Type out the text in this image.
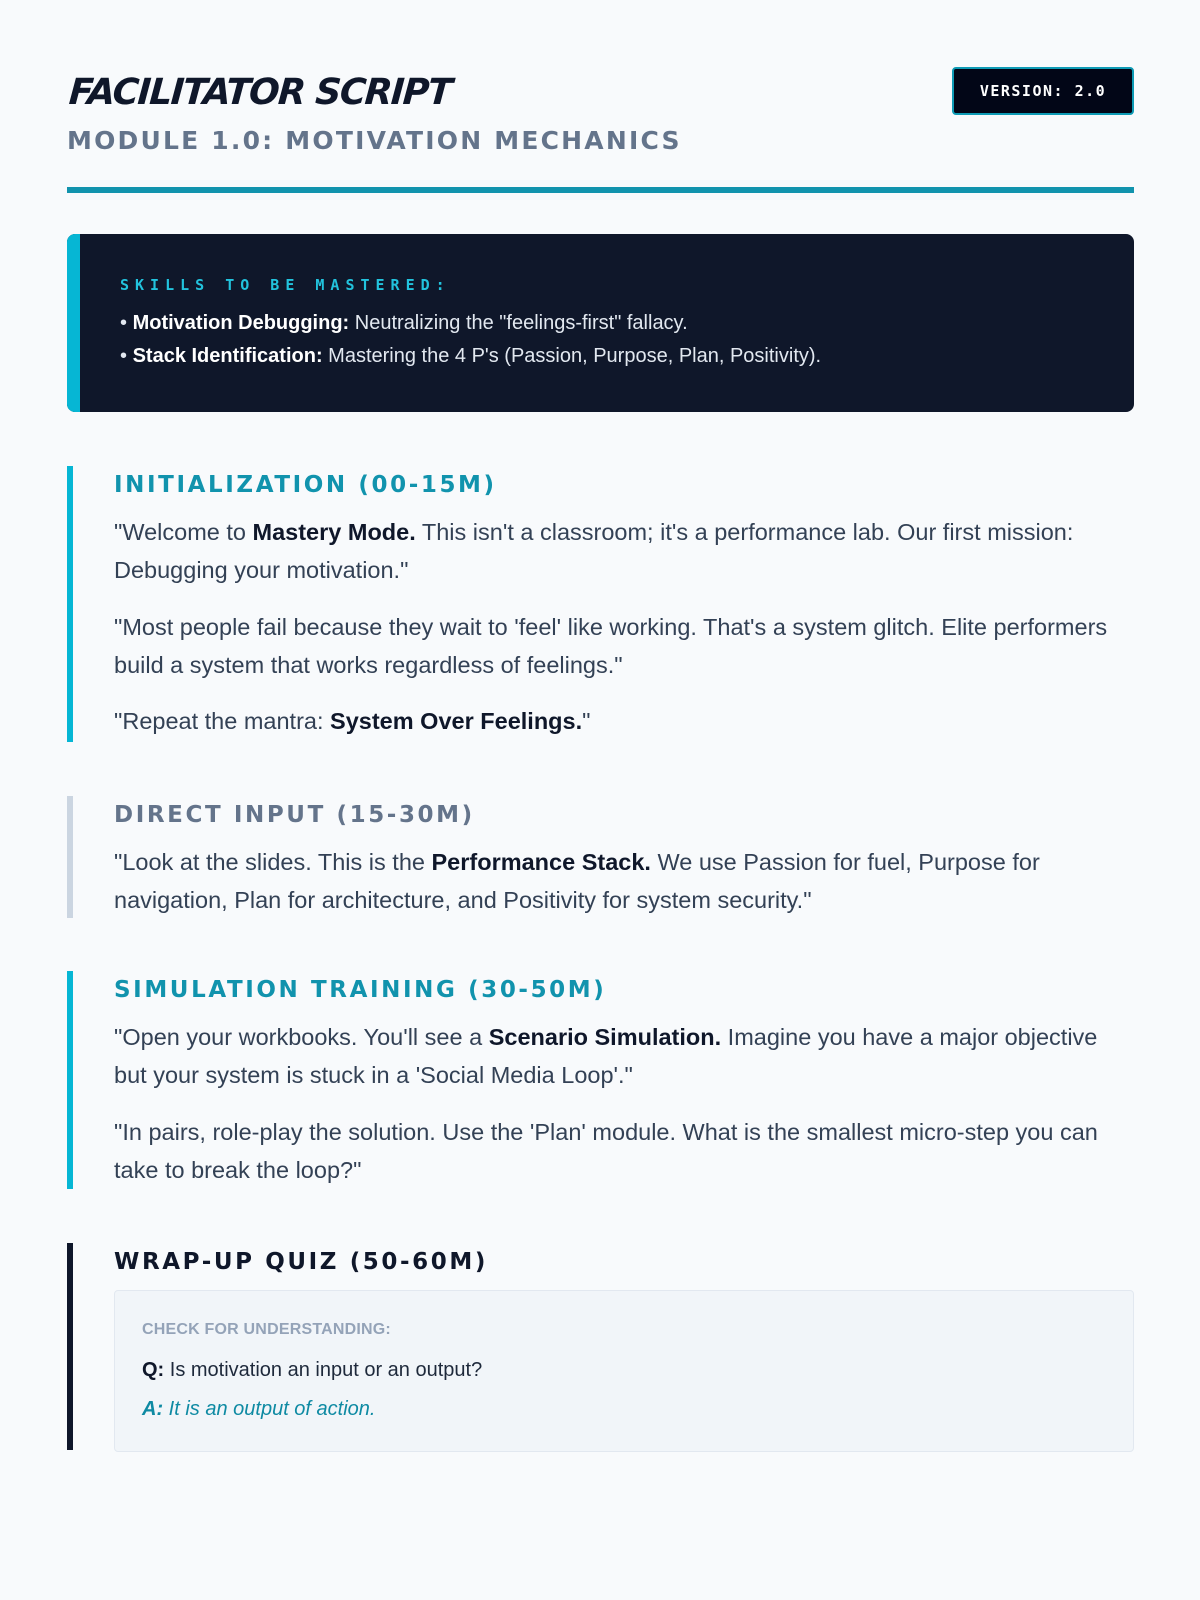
FACILITATOR SCRIPT
MODULE 1.0: MOTIVATION MECHANICS
VERSION: 2.0
SKILLS TO BE MASTERED:
• Motivation Debugging: Neutralizing the "feelings-first" fallacy.
• Stack Identification: Mastering the 4 P's (Passion, Purpose, Plan, Positivity).
INITIALIZATION (00-15M)

"Welcome to Mastery Mode. This isn't a classroom; it's a performance lab. Our first mission: Debugging your motivation."

"Most people fail because they wait to 'feel' like working. That's a system glitch. Elite performers build a system that works regardless of feelings."

"Repeat the mantra: System Over Feelings."

DIRECT INPUT (15-30M)

"Look at the slides. This is the Performance Stack. We use Passion for fuel, Purpose for navigation, Plan for architecture, and Positivity for system security."

SIMULATION TRAINING (30-50M)

"Open your workbooks. You'll see a Scenario Simulation. Imagine you have a major objective but your system is stuck in a 'Social Media Loop'."

"In pairs, role-play the solution. Use the 'Plan' module. What is the smallest micro-step you can take to break the loop?"

WRAP-UP QUIZ (50-60M)
CHECK FOR UNDERSTANDING:
Q: Is motivation an input or an output?
A: It is an output of action.
